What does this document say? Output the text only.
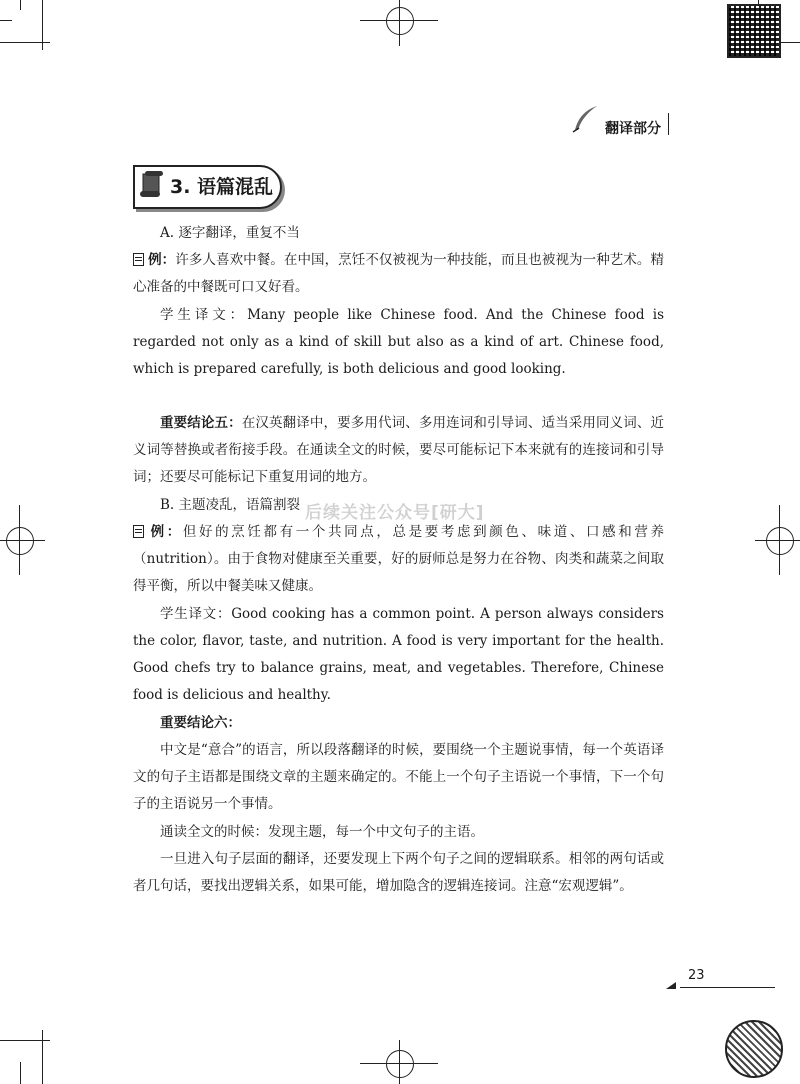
翻译部分
3. 语篇混乱

A. 逐字翻译，重复不当

例：许多人喜欢中餐。在中国，烹饪不仅被视为一种技能，而且也被视为一种艺术。精心准备的中餐既可口又好看。

学生译文：Many people like Chinese food. And the Chinese food is regarded not only as a kind of skill but also as a kind of art. Chinese food, which is prepared carefully, is both delicious and good looking.

重要结论五：在汉英翻译中，要多用代词、多用连词和引导词、适当采用同义词、近义词等替换或者衔接手段。在通读全文的时候，要尽可能标记下本来就有的连接词和引导词；还要尽可能标记下重复用词的地方。

B. 主题凌乱，语篇割裂

例：但好的烹饪都有一个共同点，总是要考虑到颜色、味道、口感和营养（nutrition）。由于食物对健康至关重要，好的厨师总是努力在谷物、肉类和蔬菜之间取得平衡，所以中餐美味又健康。

学生译文：Good cooking has a common point. A person always considers the color, flavor, taste, and nutrition. A food is very important for the health. Good chefs try to balance grains, meat, and vegetables. Therefore, Chinese food is delicious and healthy.

重要结论六：

中文是“意合”的语言，所以段落翻译的时候，要围绕一个主题说事情，每一个英语译文的句子主语都是围绕文章的主题来确定的。不能上一个句子主语说一个事情，下一个句子的主语说另一个事情。

通读全文的时候：发现主题，每一个中文句子的主语。

一旦进入句子层面的翻译，还要发现上下两个句子之间的逻辑联系。相邻的两句话或者几句话，要找出逻辑关系，如果可能，增加隐含的逻辑连接词。注意“宏观逻辑”。

后续关注公众号[研大]
23
